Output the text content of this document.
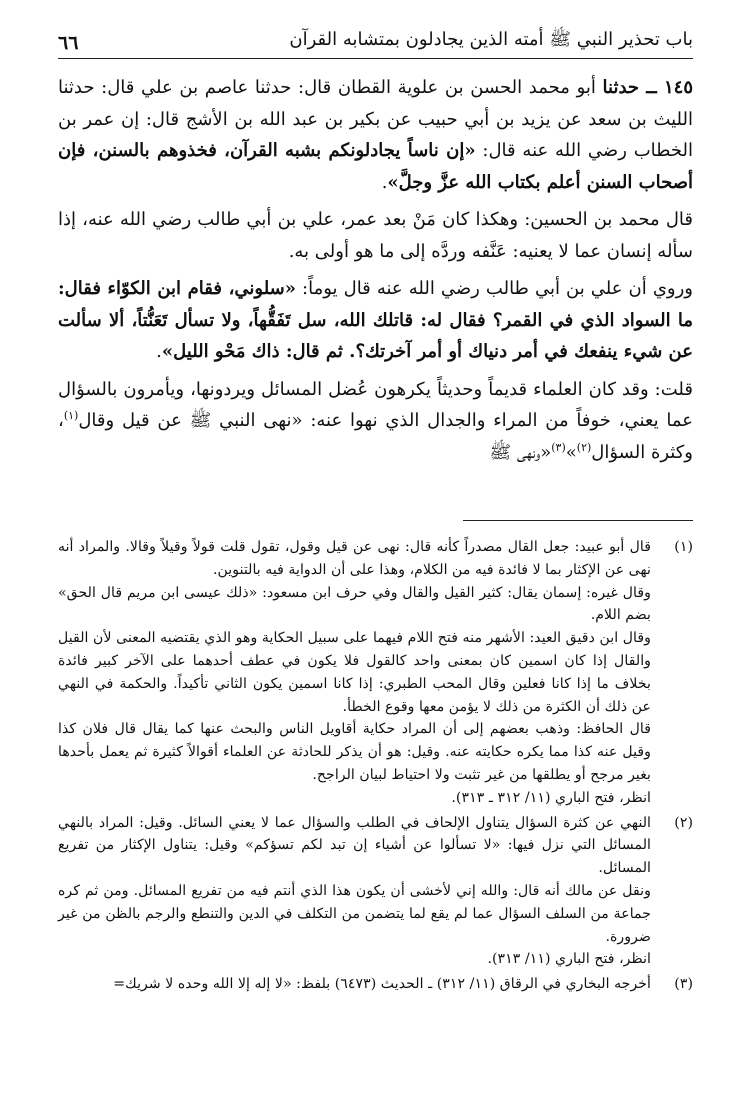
باب تحذير النبي ﷺ أمته الذين يجادلون بمتشابه القرآن
٦٦

١٤٥ ــ حدثنا أبو محمد الحسن بن علوية القطان قال: حدثنا عاصم بن علي قال: حدثنا الليث بن سعد عن يزيد بن أبي حبيب عن بكير بن عبد الله بن الأشج قال: إن عمر بن الخطاب رضي الله عنه قال: «إن ناساً يجادلونكم بشبه القرآن، فخذوهم بالسنن، فإن أصحاب السنن أعلم بكتاب الله عزَّ وجلَّ».

قال محمد بن الحسين: وهكذا كان مَنْ بعد عمر، علي بن أبي طالب رضي الله عنه، إذا سأله إنسان عما لا يعنيه: عَنَّفه وردَّه إلى ما هو أولى به.

وروي أن علي بن أبي طالب رضي الله عنه قال يوماً: «سلوني، فقام ابن الكوّاء فقال: ما السواد الذي في القمر؟ فقال له: قاتلك الله، سل تَفَقُّهاً، ولا تسأل تَعَنُّتاً، ألا سألت عن شيء ينفعك في أمر دنياك أو أمر آخرتك؟. ثم قال: ذاك مَحْو الليل».

قلت: وقد كان العلماء قديماً وحديثاً يكرهون عُضل المسائل ويردونها، ويأمرون بالسؤال عما يعني، خوفاً من المراء والجدال الذي نهوا عنه: «نهى النبي ﷺ عن قيل وقال$^{(١)}$، وكثرة السؤال$^{(٢)}$»$^{(٣)}$«ونهى ﷺ

(١)

قال أبو عبيد: جعل القال مصدراً كأنه قال: نهى عن قيل وقول، تقول قلت قولاً وقيلاً وقالا. والمراد أنه نهى عن الإكثار بما لا فائدة فيه من الكلام، وهذا على أن الدواية فيه بالتنوين.

وقال غيره: إسمان يقال: كثير القيل والقال وفي حرف ابن مسعود: «ذلك عيسى ابن مريم قال الحق» بضم اللام.

وقال ابن دقيق العيد: الأشهر منه فتح اللام فيهما على سبيل الحكاية وهو الذي يقتضيه المعنى لأن القيل والقال إذا كان اسمين كان بمعنى واحد كالقول فلا يكون في عطف أحدهما على الآخر كبير فائدة بخلاف ما إذا كانا فعلين وقال المحب الطبري: إذا كانا اسمين يكون الثاني تأكيداً. والحكمة في النهي عن ذلك أن الكثرة من ذلك لا يؤمن معها وقوع الخطأ.

قال الحافظ: وذهب بعضهم إلى أن المراد حكاية أقاويل الناس والبحث عنها كما يقال قال فلان كذا وقيل عنه كذا مما يكره حكايته عنه. وقيل: هو أن يذكر للحادثة عن العلماء أقوالاً كثيرة ثم يعمل بأحدها بغير مرجح أو يطلقها من غير تثبت ولا احتياط لبيان الراجح.

انظر، فتح الباري (١١/ ٣١٢ ـ ٣١٣).

(٢)

النهي عن كثرة السؤال يتناول الإلحاف في الطلب والسؤال عما لا يعني السائل. وقيل: المراد بالنهي المسائل التي نزل فيها: «لا تسألوا عن أشياء إن تبد لكم تسؤكم» وقيل: يتناول الإكثار من تفريع المسائل.

ونقل عن مالك أنه قال: والله إني لأخشى أن يكون هذا الذي أنتم فيه من تفريع المسائل. ومن ثم كره جماعة من السلف السؤال عما لم يقع لما يتضمن من التكلف في الدين والتنطع والرجم بالظن من غير ضرورة.

انظر، فتح الباري (١١/ ٣١٣).

(٣)

أخرجه البخاري في الرقاق (١١/ ٣١٢) ـ الحديث (٦٤٧٣) بلفظ: «لا إله إلا الله وحده لا شريك=
